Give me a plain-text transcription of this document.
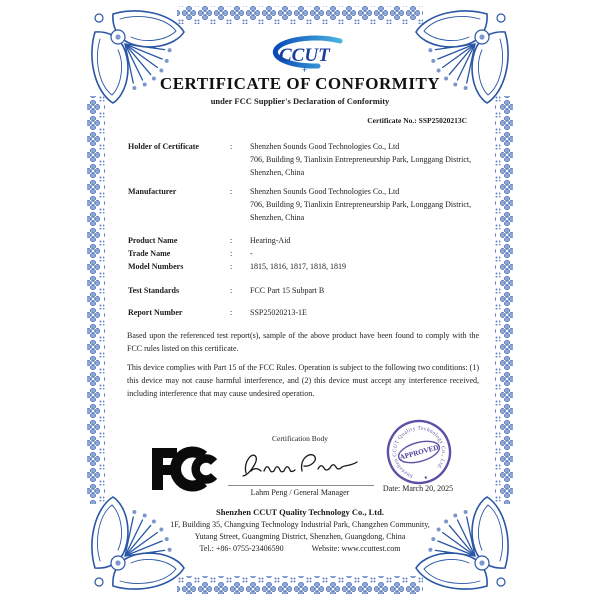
CCUT
+
CERTIFICATE OF CONFORMITY
under FCC Supplier's Declaration of Conformity
Certificate No.: SSP25020213C
Holder of Certificate	:	Shenzhen Sounds Good Technologies Co., Ltd
706, Building 9, Tianlixin Entrepreneurship Park, Longgang District,
Shenzhen, China
Manufacturer	:	Shenzhen Sounds Good Technologies Co., Ltd
706, Building 9, Tianlixin Entrepreneurship Park, Longgang District,
Shenzhen, China
Product Name	:	Hearing-Aid
Trade Name	:	-
Model Numbers	:	1815, 1816, 1817, 1818, 1819
Test Standards	:	FCC Part 15 Subpart B
Report Number	:	SSP25020213-1E
Based upon the referenced test report(s), sample of the above product have been found to comply with the FCC rules listed on this certificate.
This device complies with Part 15 of the FCC Rules. Operation is subject to the following two conditions: (1) this device may not cause harmful interference, and (2) this device must accept any interference received, including interference that may cause undesired operation.
Certification Body
Lahm Peng / General Manager
Shenzhen CCUT Quality Technology Co., Ltd.
APPROVED
★
Date: March 20, 2025
Shenzhen CCUT Quality Technology Co., Ltd.
1F, Building 35, Changxing Technology Industrial Park, Changzhen Community,
Yutang Street, Guangming District, Shenzhen, Guangdong, China
Tel.: +86- 0755-23406590	Website: www.ccuttest.com
